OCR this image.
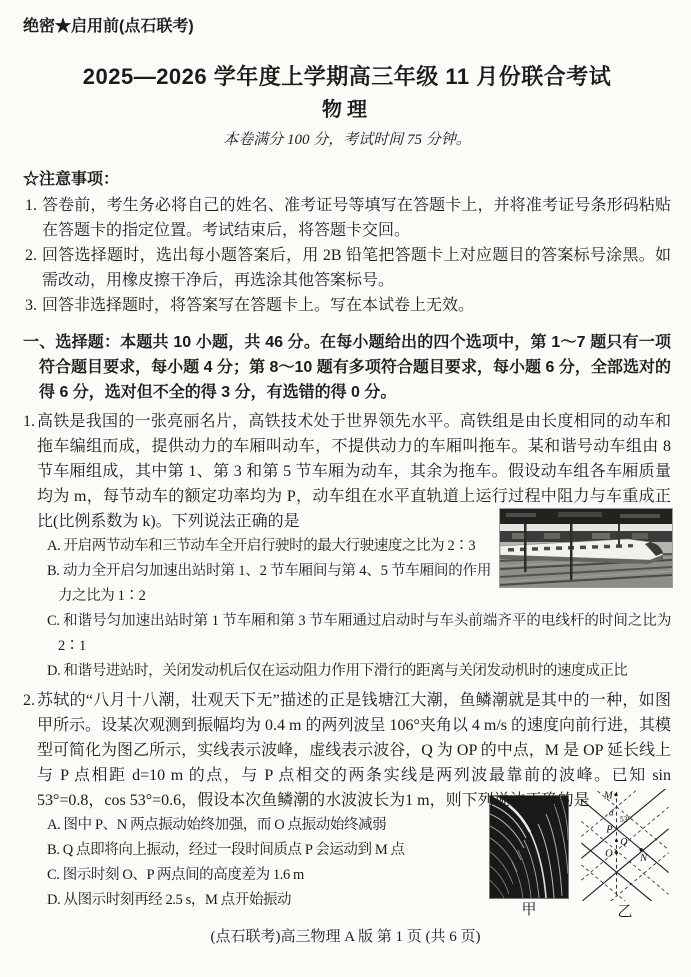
绝密★启用前(点石联考)
2025—2026 学年度上学期高三年级 11 月份联合考试
物理
本卷满分 100 分，考试时间 75 分钟。
☆注意事项：
1. 答卷前，考生务必将自己的姓名、准考证号等填写在答题卡上，并将准考证号条形码粘贴在答题卡的指定位置。考试结束后，将答题卡交回。
2. 回答选择题时，选出每小题答案后，用 2B 铅笔把答题卡上对应题目的答案标号涂黑。如需改动，用橡皮擦干净后，再选涂其他答案标号。
3. 回答非选择题时，将答案写在答题卡上。写在本试卷上无效。
一、选择题：本题共 10 小题，共 46 分。在每小题给出的四个选项中，第 1～7 题只有一项符合题目要求，每小题 4 分；第 8～10 题有多项符合题目要求，每小题 6 分，全部选对的得 6 分，选对但不全的得 3 分，有选错的得 0 分。
1. 高铁是我国的一张亮丽名片，高铁技术处于世界领先水平。高铁组是由长度相同的动车和拖车编组而成，提供动力的车厢叫动车，不提供动力的车厢叫拖车。某和谐号动车组由 8 节车厢组成，其中第 1、第 3 和第 5 节车厢为动车，其余为拖车。假设动车组各车厢质量均为 m，每节动车的额定功率均为 P，动车组在水平直轨道上运行过程中阻力与车重成正比(比例系数为 k)。下列说法正确的是
A. 开启两节动车和三节动车全开启行驶时的最大行驶速度之比为 2∶3
B. 动力全开启匀加速出站时第 1、2 节车厢间与第 4、5 节车厢间的作用力之比为 1∶2
C. 和谐号匀加速出站时第 1 节车厢和第 3 节车厢通过启动时与车头前端齐平的电线杆的时间之比为 2∶1
D. 和谐号进站时，关闭发动机后仅在运动阻力作用下滑行的距离与关闭发动机时的速度成正比
2. 苏轼的“八月十八潮，壮观天下无”描述的正是钱塘江大潮，鱼鳞潮就是其中的一种，如图甲所示。设某次观测到振幅均为 0.4 m 的两列波呈 106°夹角以 4 m/s 的速度向前行进，其模型可简化为图乙所示，实线表示波峰，虚线表示波谷，Q 为 OP 的中点，M 是 OP 延长线上与 P 点相距 d=10 m 的点，与 P 点相交的两条实线是两列波最靠前的波峰。已知 sin 53°=0.8，cos 53°=0.6，假设本次鱼鳞潮的水波波长为1 m，则下列说法正确的是
甲
M
d
53°
P
Q
O	N
乙
A. 图中 P、N 两点振动始终加强，而 O 点振动始终减弱
B. Q 点即将向上振动，经过一段时间质点 P 会运动到 M 点
C. 图示时刻 O、P 两点间的高度差为 1.6 m
D. 从图示时刻再经 2.5 s，M 点开始振动
(点石联考)高三物理 A 版 第 1 页 (共 6 页)
